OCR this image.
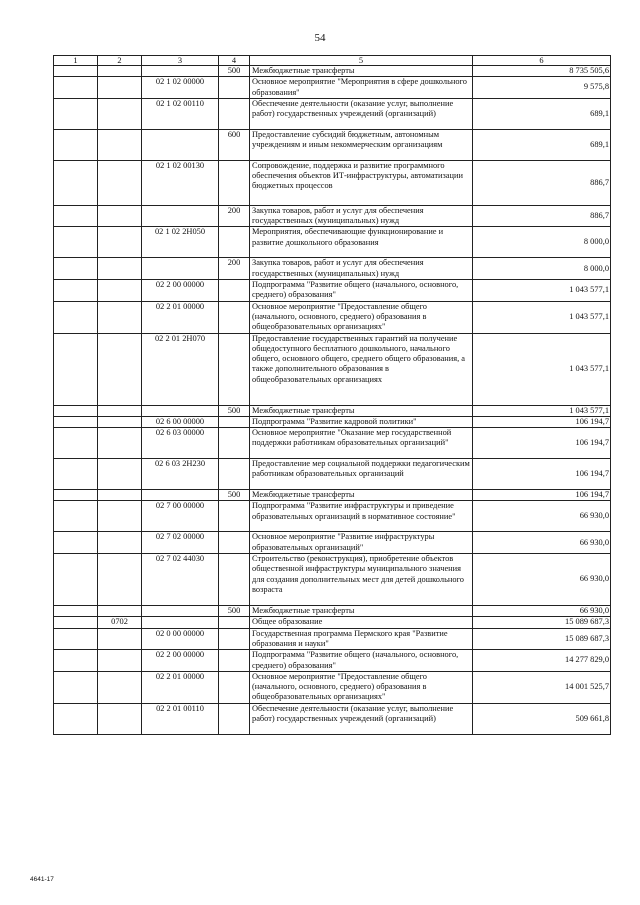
54
1	2	3	4	5	6
			500	Межбюджетные трансферты	8 735 505,6
		02 1 02 00000		Основное мероприятие "Мероприятия в сфере дошкольного образования"	9 575,8
		02 1 02 00110		Обеспечение деятельности (оказание услуг, выполнение работ) государственных учреждений (организаций)	689,1
			600	Предоставление субсидий бюджетным, автономным учреждениям и иным некоммерческим организациям	689,1
		02 1 02 00130		Сопровождение, поддержка и развитие программного обеспечения объектов ИТ-инфраструктуры, автоматизации бюджетных процессов	886,7
			200	Закупка товаров, работ и услуг для обеспечения государственных (муниципальных) нужд	886,7
		02 1 02 2Н050		Мероприятия, обеспечивающие функционирование и развитие дошкольного образования	8 000,0
			200	Закупка товаров, работ и услуг для обеспечения государственных (муниципальных) нужд	8 000,0
		02 2 00 00000		Подпрограмма "Развитие общего (начального, основного, среднего) образования"	1 043 577,1
		02 2 01 00000		Основное мероприятие "Предоставление общего (начального, основного, среднего) образования в общеобразовательных организациях"	1 043 577,1
		02 2 01 2Н070		Предоставление государственных гарантий на получение общедоступного бесплатного дошкольного, начального общего, основного общего, среднего общего образования, а также дополнительного образования в общеобразовательных организациях	1 043 577,1
			500	Межбюджетные трансферты	1 043 577,1
		02 6 00 00000		Подпрограмма "Развитие кадровой политики"	106 194,7
		02 6 03 00000		Основное мероприятие "Оказание мер государственной поддержки работникам образовательных организаций"	106 194,7
		02 6 03 2Н230		Предоставление мер социальной поддержки педагогическим работникам образовательных организаций	106 194,7
			500	Межбюджетные трансферты	106 194,7
		02 7 00 00000		Подпрограмма "Развитие инфраструктуры и приведение образовательных организаций в нормативное состояние"	66 930,0
		02 7 02 00000		Основное мероприятие "Развитие инфраструктуры образовательных организаций"	66 930,0
		02 7 02 44030		Строительство (реконструкция), приобретение объектов общественной инфраструктуры муниципального значения для создания дополнительных мест для детей дошкольного возраста	66 930,0
			500	Межбюджетные трансферты	66 930,0
	0702			Общее образование	15 089 687,3
		02 0 00 00000		Государственная программа Пермского края "Развитие образования и науки"	15 089 687,3
		02 2 00 00000		Подпрограмма "Развитие общего (начального, основного, среднего) образования"	14 277 829,0
		02 2 01 00000		Основное мероприятие "Предоставление общего (начального, основного, среднего) образования в общеобразовательных организациях"	14 001 525,7
		02 2 01 00110		Обеспечение деятельности (оказание услуг, выполнение работ) государственных учреждений (организаций)	509 661,8
4641-17
